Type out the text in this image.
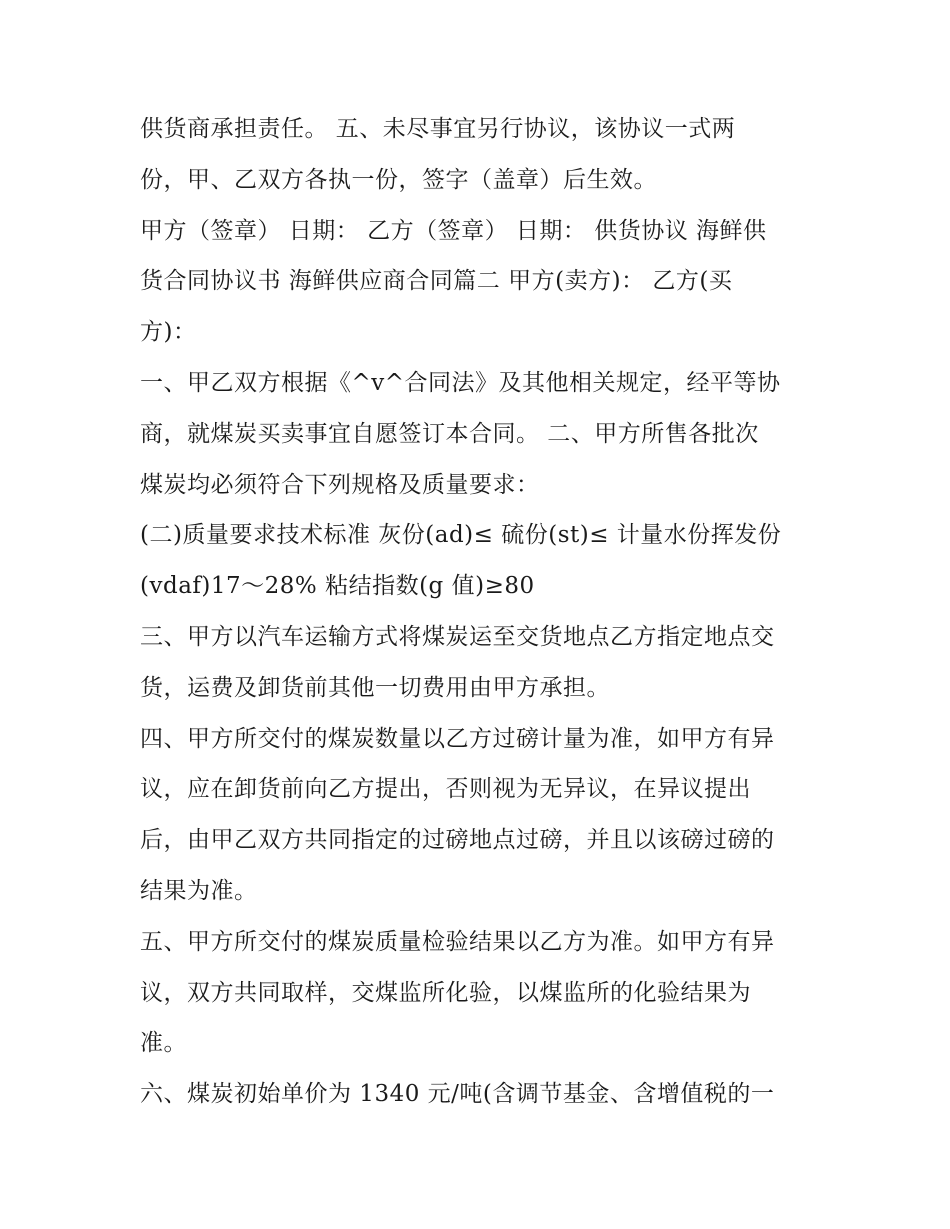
供货商承担责任。 五、未尽事宜另行协议，该协议一式两
份，甲、乙双方各执一份，签字（盖章）后生效。
甲方（签章） 日期： 乙方（签章） 日期： 供货协议 海鲜供
货合同协议书 海鲜供应商合同篇二 甲方(卖方)： 乙方(买
方)：
一、甲乙双方根据《^v^合同法》及其他相关规定，经平等协
商，就煤炭买卖事宜自愿签订本合同。 二、甲方所售各批次
煤炭均必须符合下列规格及质量要求：
(二)质量要求技术标准 灰份(ad)≤ 硫份(st)≤ 计量水份挥发份
(vdaf)17～28% 粘结指数(g 值)≥80
三、甲方以汽车运输方式将煤炭运至交货地点乙方指定地点交
货，运费及卸货前其他一切费用由甲方承担。
四、甲方所交付的煤炭数量以乙方过磅计量为准，如甲方有异
议，应在卸货前向乙方提出，否则视为无异议，在异议提出
后，由甲乙双方共同指定的过磅地点过磅，并且以该磅过磅的
结果为准。
五、甲方所交付的煤炭质量检验结果以乙方为准。如甲方有异
议，双方共同取样，交煤监所化验，以煤监所的化验结果为
准。
六、煤炭初始单价为 1340 元/吨(含调节基金、含增值税的一
